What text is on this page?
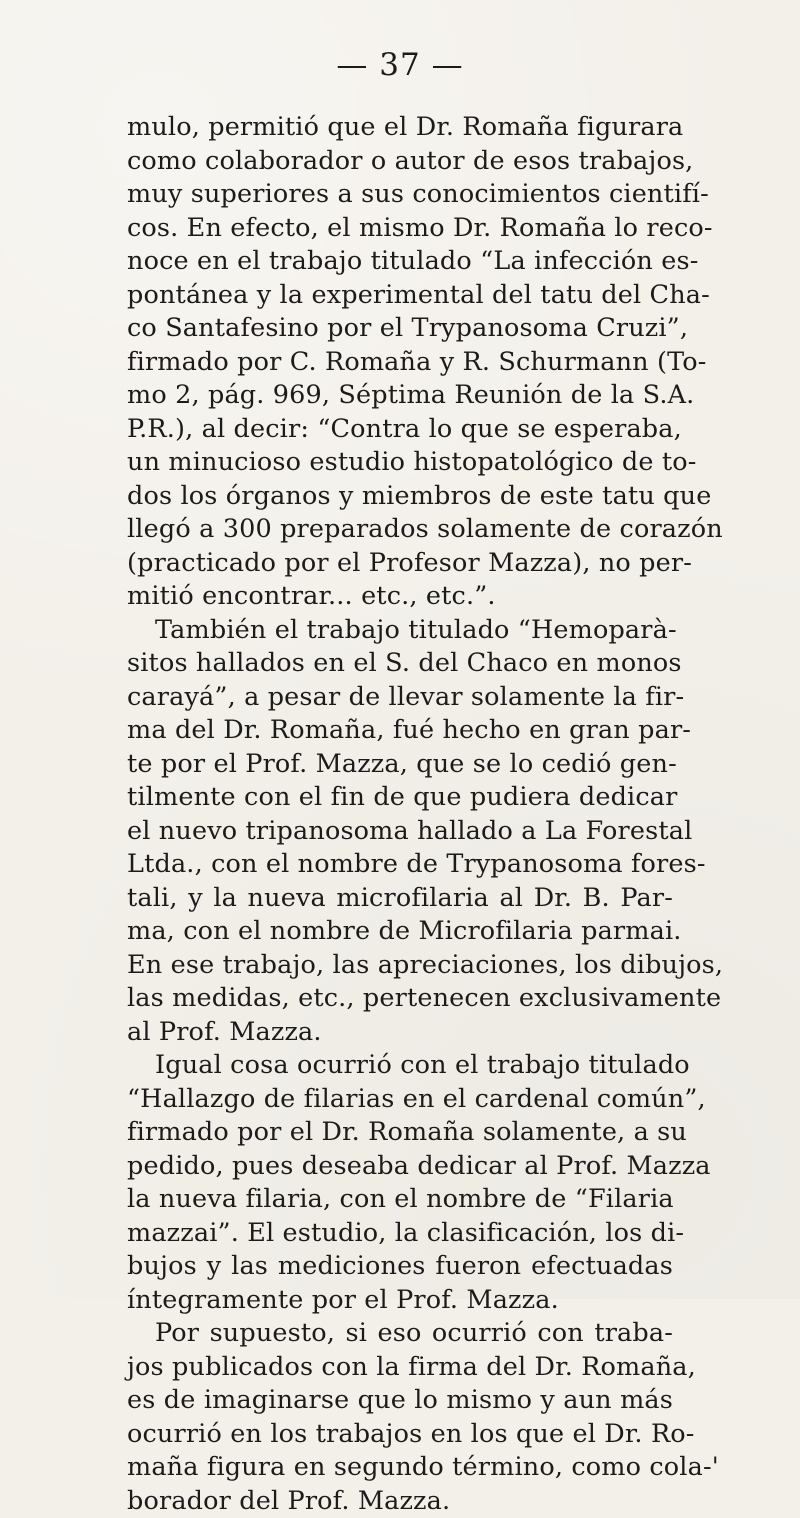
— 37 —
mulo, permitió que el Dr. Romaña figurara
como colaborador o autor de esos trabajos,
muy superiores a sus conocimientos cientifí-
cos. En efecto, el mismo Dr. Romaña lo reco-
noce en el trabajo titulado “La infección es-
pontánea y la experimental del tatu del Cha-
co Santafesino por el Trypanosoma Cruzi”,
firmado por C. Romaña y R. Schurmann (To-
mo 2, pág. 969, Séptima Reunión de la S.A.
P.R.), al decir: “Contra lo que se esperaba,
un minucioso estudio histopatológico de to-
dos los órganos y miembros de este tatu que
llegó a 300 preparados solamente de corazón
(practicado por el Profesor Mazza), no per-
mitió encontrar... etc., etc.”.
También el trabajo titulado “Hemoparà-
sitos hallados en el S. del Chaco en monos
carayá”, a pesar de llevar solamente la fir-
ma del Dr. Romaña, fué hecho en gran par-
te por el Prof. Mazza, que se lo cedió gen-
tilmente con el fin de que pudiera dedicar
el nuevo tripanosoma hallado a La Forestal
Ltda., con el nombre de Trypanosoma fores-
tali, y la nueva microfilaria al Dr. B. Par-
ma, con el nombre de Microfilaria parmai.
En ese trabajo, las apreciaciones, los dibujos,
las medidas, etc., pertenecen exclusivamente
al Prof. Mazza.
Igual cosa ocurrió con el trabajo titulado
“Hallazgo de filarias en el cardenal común”,
firmado por el Dr. Romaña solamente, a su
pedido, pues deseaba dedicar al Prof. Mazza
la nueva filaria, con el nombre de “Filaria
mazzai”. El estudio, la clasificación, los di-
bujos y las mediciones fueron efectuadas
íntegramente por el Prof. Mazza.
Por supuesto, si eso ocurrió con traba-
jos publicados con la firma del Dr. Romaña,
es de imaginarse que lo mismo y aun más
ocurrió en los trabajos en los que el Dr. Ro-
maña figura en segundo término, como cola-'
borador del Prof. Mazza.
